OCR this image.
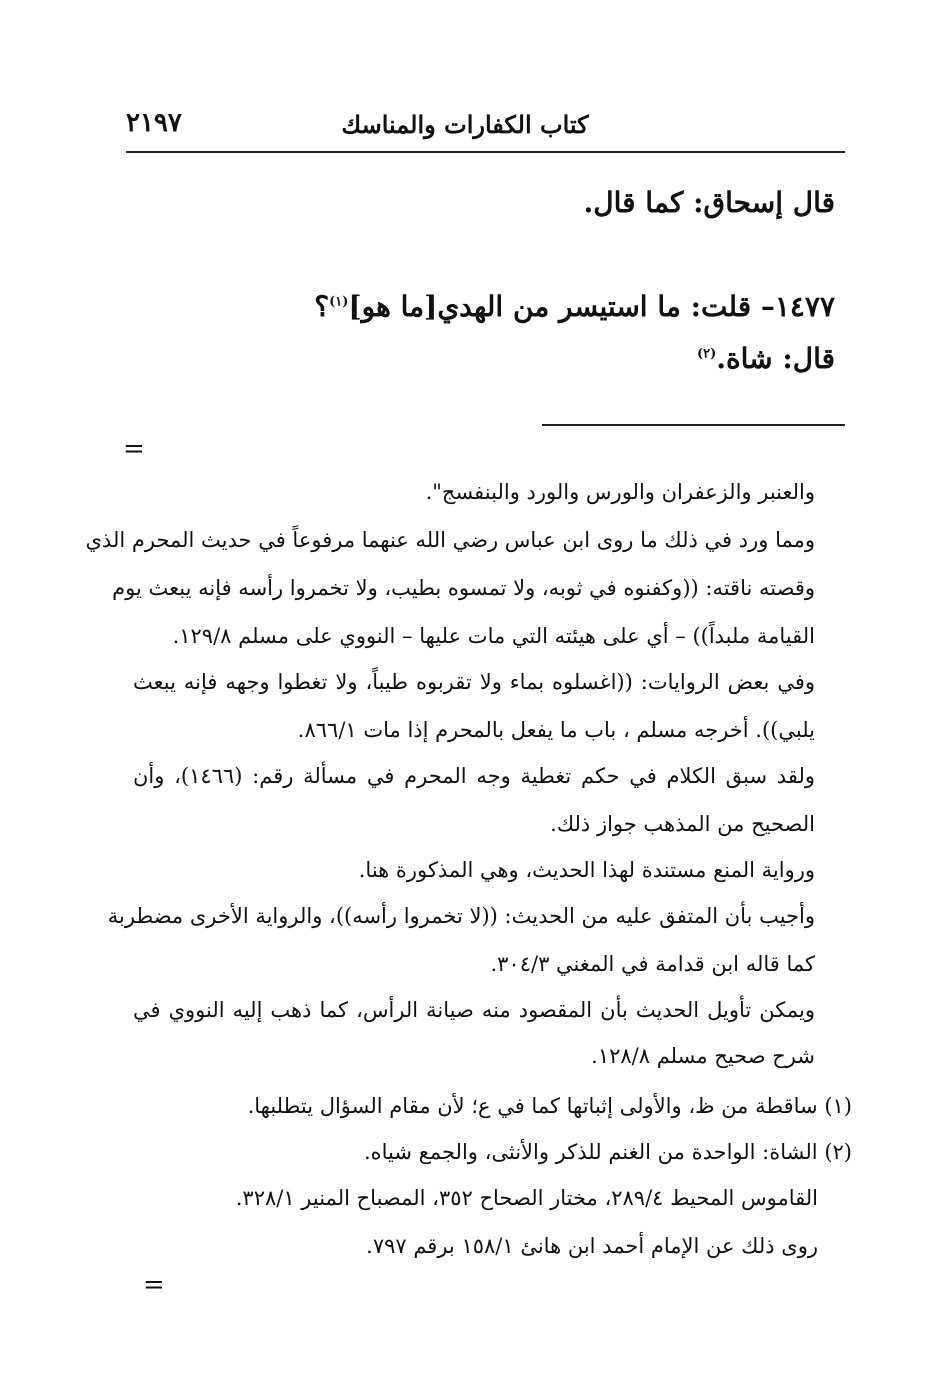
كتاب الكفارات والمناسك
٢١٩٧
قال إسحاق: كما قال.
١٤٧٧– قلت: ما استيسر من الهدي[ما هو]$^{(١)}$؟
قال: شاة.$^{(٢)}$
=
والعنبر والزعفران والورس والورد والبنفسج".
ومما ورد في ذلك ما روى ابن عباس رضي الله عنهما مرفوعاً في حديث المحرم الذي
وقصته ناقته: ((وكفنوه في ثوبه، ولا تمسوه بطيب، ولا تخمروا رأسه فإنه يبعث يوم
القيامة ملبداً)) – أي على هيئته التي مات عليها – النووي على مسلم ١٢٩/٨.
وفي بعض الروايات: ((اغسلوه بماء ولا تقربوه طيباً، ولا تغطوا وجهه فإنه يبعث
يلبي)). أخرجه مسلم ، باب ما يفعل بالمحرم إذا مات ٨٦٦/١.
ولقد سبق الكلام في حكم تغطية وجه المحرم في مسألة رقم: (١٤٦٦)، وأن
الصحيح من المذهب جواز ذلك.
ورواية المنع مستندة لهذا الحديث، وهي المذكورة هنا.
وأجيب بأن المتفق عليه من الحديث: ((لا تخمروا رأسه))، والرواية الأخرى مضطربة
كما قاله ابن قدامة في المغني ٣٠٤/٣.
ويمكن تأويل الحديث بأن المقصود منه صيانة الرأس، كما ذهب إليه النووي في
شرح صحيح مسلم ١٢٨/٨.
(١) ساقطة من ظ، والأولى إثباتها كما في ع؛ لأن مقام السؤال يتطلبها.
(٢) الشاة: الواحدة من الغنم للذكر والأنثى، والجمع شياه.
القاموس المحيط ٢٨٩/٤، مختار الصحاح ٣٥٢، المصباح المنير ٣٢٨/١.
روى ذلك عن الإمام أحمد ابن هانئ ١٥٨/١ برقم ٧٩٧.
=
